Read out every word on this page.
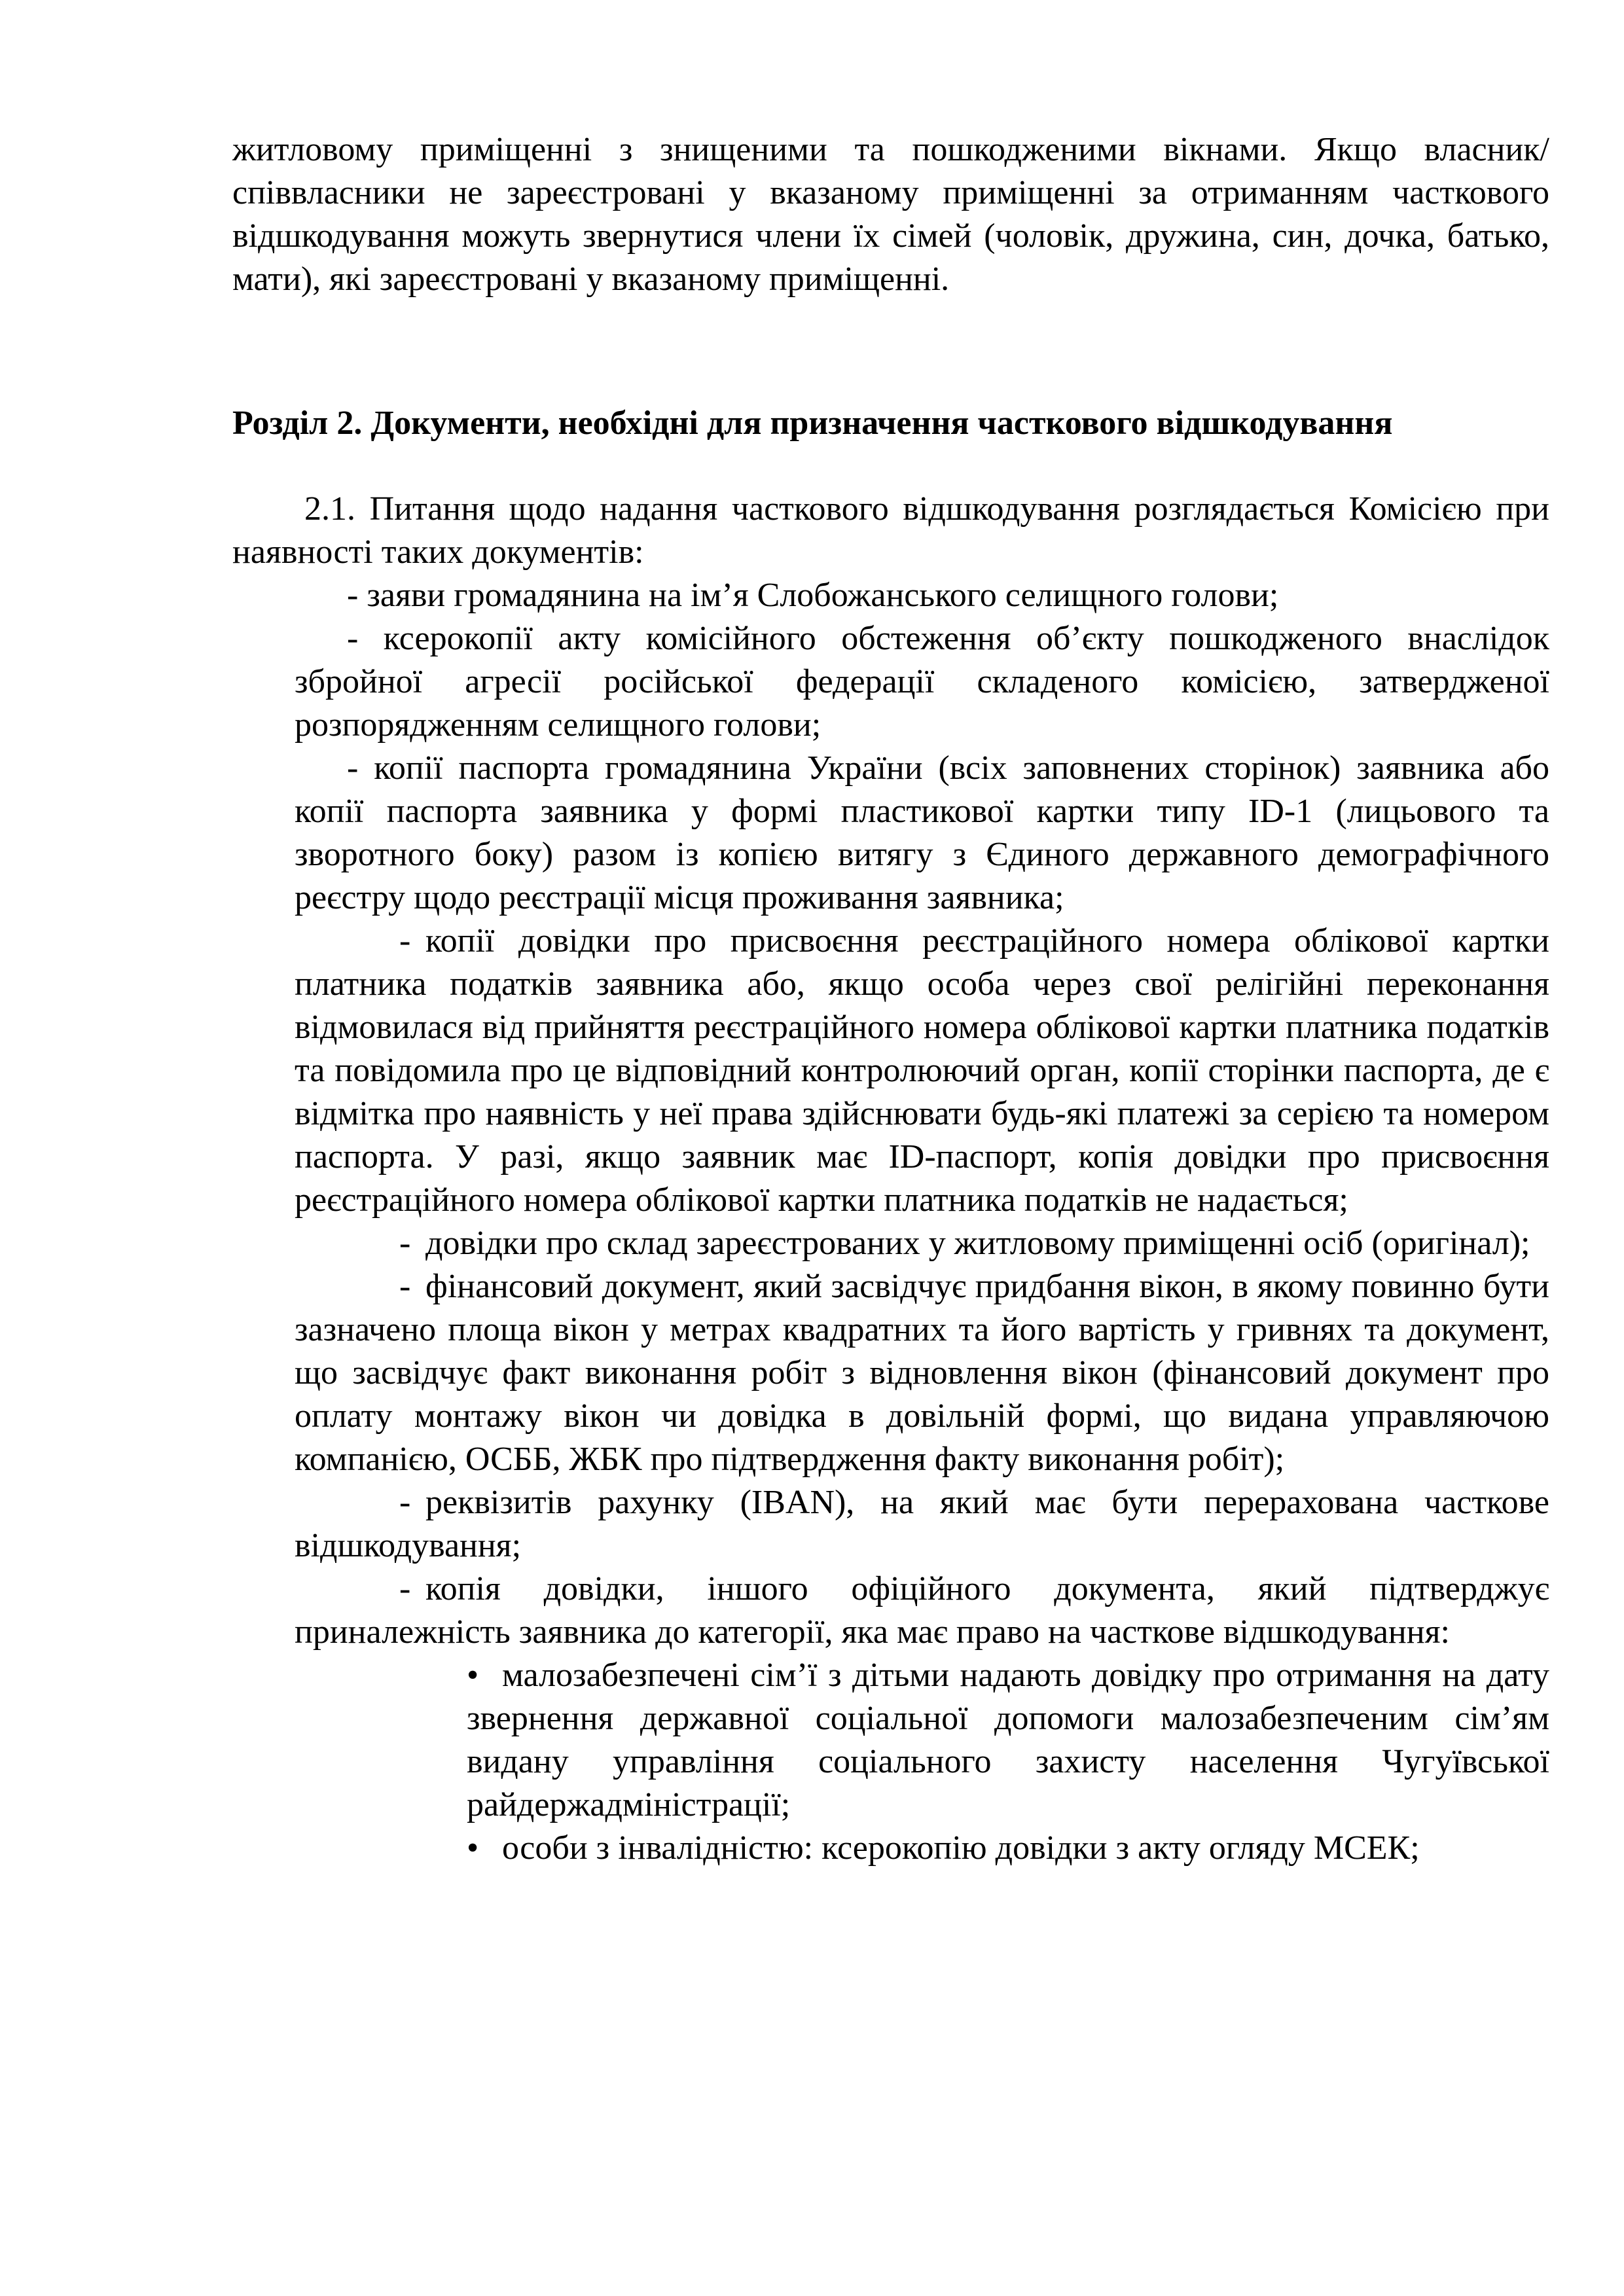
житловому приміщенні з знищеними та пошкодженими вікнами. Якщо власник/ співвласники не зареєстровані у вказаному приміщенні за отриманням часткового відшкодування можуть звернутися члени їх сімей (чоловік, дружина, син, дочка, батько, мати), які зареєстровані у вказаному приміщенні.

Розділ 2. Документи, необхідні для призначення часткового відшкодування

2.1. Питання щодо надання часткового відшкодування розглядається Комісією при наявності таких документів:

- заяви громадянина на ім’я Слобожанського селищного голови;

- ксерокопії акту комісійного обстеження об’єкту пошкодженого внаслідок збройної агресії російської федерації складеного комісією, затвердженої розпорядженням селищного голови;

- копії паспорта громадянина України (всіх заповнених сторінок) заявника або копії паспорта заявника у формі пластикової картки типу ID-1 (лицьового та зворотного боку) разом із копією витягу з Єдиного державного демографічного реєстру щодо реєстрації місця проживання заявника;

- копії довідки про присвоєння реєстраційного номера облікової картки платника податків заявника або, якщо особа через свої релігійні переконання відмовилася від прийняття реєстраційного номера облікової картки платника податків та повідомила про це відповідний контролюючий орган, копії сторінки паспорта, де є відмітка про наявність у неї права здійснювати будь-які платежі за серією та номером паспорта. У разі, якщо заявник має ID-паспорт, копія довідки про присвоєння реєстраційного номера облікової картки платника податків не надається;

- довідки про склад зареєстрованих у житловому приміщенні осіб (оригінал);

- фінансовий документ, який засвідчує придбання вікон, в якому повинно бути зазначено площа вікон у метрах квадратних та його вартість у гривнях та документ, що засвідчує факт виконання робіт з відновлення вікон (фінансовий документ про оплату монтажу вікон чи довідка в довільній формі, що видана управляючою компанією, ОСББ, ЖБК про підтвердження факту виконання робіт);

- реквізитів рахунку (IBAN), на який має бути перерахована часткове відшкодування;

- копія довідки, іншого офіційного документа, який підтверджує приналежність заявника до категорії, яка має право на часткове відшкодування:

• малозабезпечені сім’ї з дітьми надають довідку про отримання на дату звернення державної соціальної допомоги малозабезпеченим сім’ям видану управління соціального захисту населення Чугуївської райдержадміністрації;

• особи з інвалідністю: ксерокопію довідки з акту огляду МСЕК;
